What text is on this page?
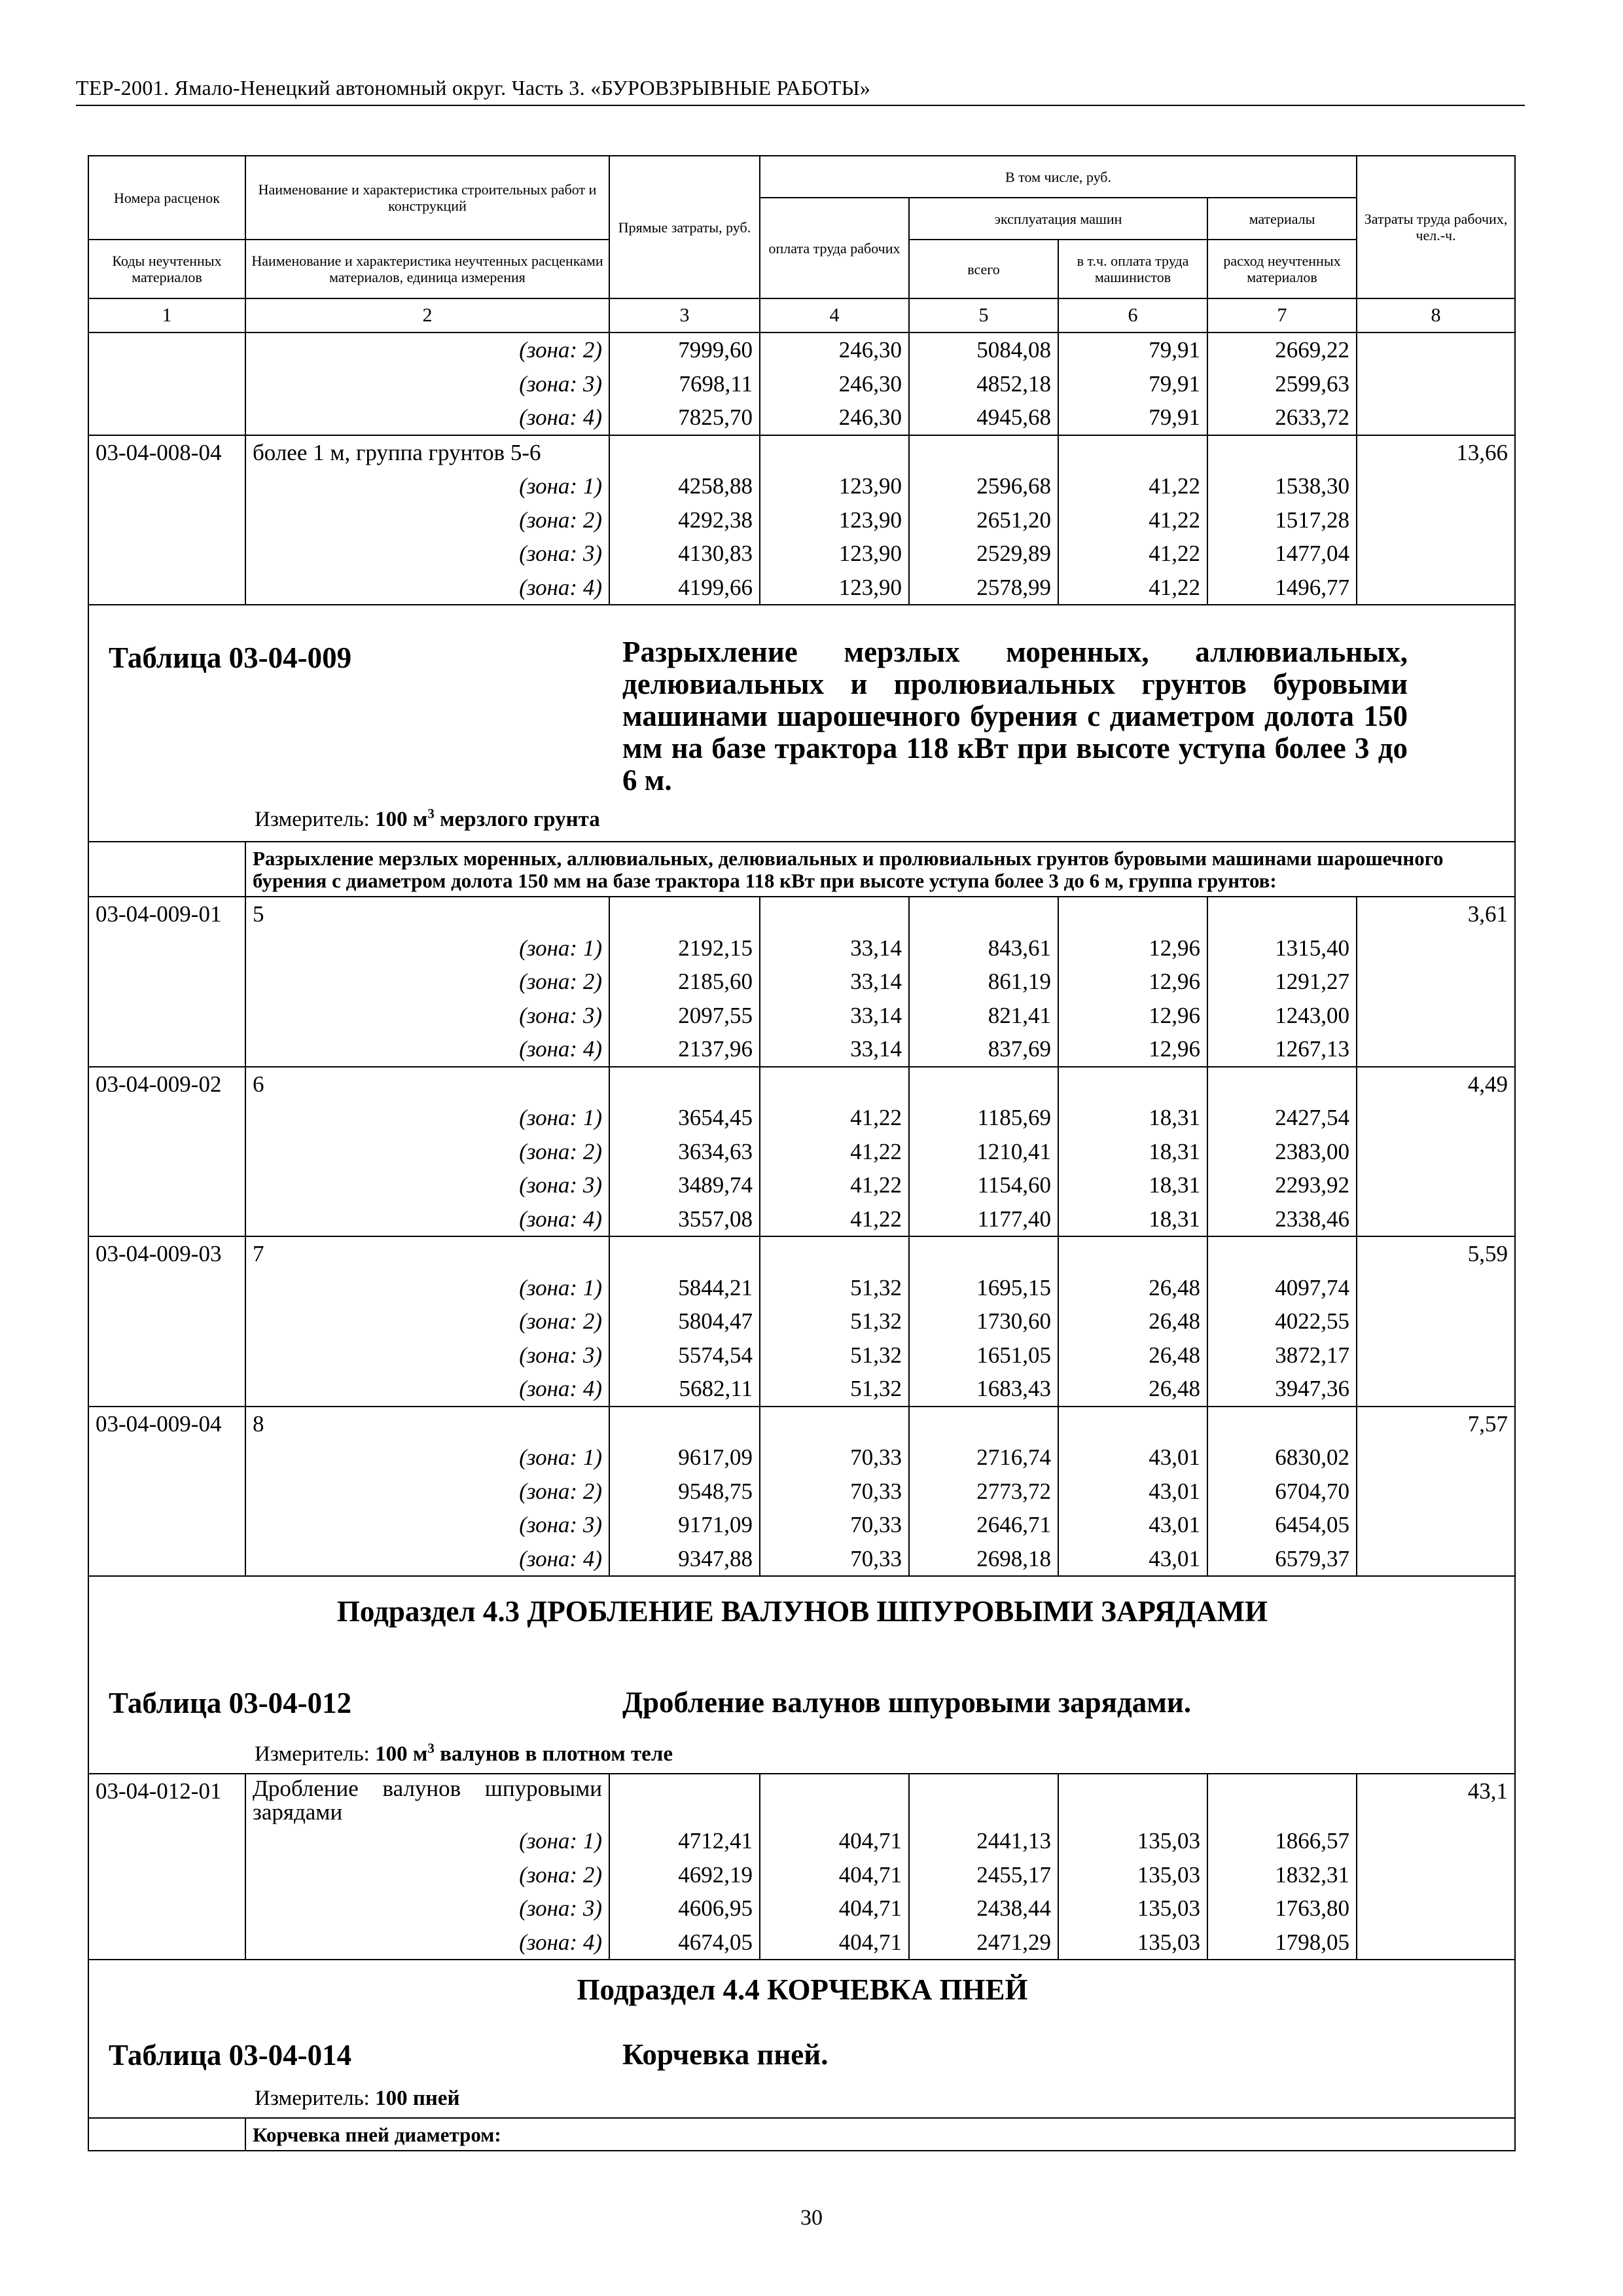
ТЕР-2001. Ямало-Ненецкий автономный округ. Часть 3. «БУРОВЗРЫВНЫЕ РАБОТЫ»
Номера расценок	Наименование и характеристика строительных работ и конструкций	Прямые затраты, руб.	В том числе, руб.				Затраты труда рабочих, чел.-ч.
			оплата труда рабочих	эксплуатация машин		материалы	
Коды неучтенных материалов	Наименование и характеристика неучтенных расценками материалов, единица измерения			всего	в т.ч. оплата труда машинистов	расход неучтенных материалов	
1	2	3	4	5	6	7	8
	(зона: 2)	7999,60	246,30	5084,08	79,91	2669,22	
	(зона: 3)	7698,11	246,30	4852,18	79,91	2599,63	
	(зона: 4)	7825,70	246,30	4945,68	79,91	2633,72	
03-04-008-04	более 1 м, группа грунтов 5-6						13,66
	(зона: 1)	4258,88	123,90	2596,68	41,22	1538,30	
	(зона: 2)	4292,38	123,90	2651,20	41,22	1517,28	
	(зона: 3)	4130,83	123,90	2529,89	41,22	1477,04	
	(зона: 4)	4199,66	123,90	2578,99	41,22	1496,77	

Таблица 03-04-009 Разрыхление мерзлых моренных, аллювиальных, делювиальных и пролювиальных грунтов буровыми машинами шарошечного бурения с диаметром долота 150 мм на базе трактора 118 кВт при высоте уступа более 3 до 6 м.
Измеритель: 100 $м^3$ мерзлого грунта							

	Разрыхление мерзлых моренных, аллювиальных, делювиальных и пролювиальных грунтов буровыми машинами шарошечного бурения с диаметром долота 150 мм на базе трактора 118 кВт при высоте уступа более 3 до 6 м, группа грунтов:						
03-04-009-01	5						3,61
	(зона: 1)	2192,15	33,14	843,61	12,96	1315,40	
	(зона: 2)	2185,60	33,14	861,19	12,96	1291,27	
	(зона: 3)	2097,55	33,14	821,41	12,96	1243,00	
	(зона: 4)	2137,96	33,14	837,69	12,96	1267,13	
03-04-009-02	6						4,49
	(зона: 1)	3654,45	41,22	1185,69	18,31	2427,54	
	(зона: 2)	3634,63	41,22	1210,41	18,31	2383,00	
	(зона: 3)	3489,74	41,22	1154,60	18,31	2293,92	
	(зона: 4)	3557,08	41,22	1177,40	18,31	2338,46	
03-04-009-03	7						5,59
	(зона: 1)	5844,21	51,32	1695,15	26,48	4097,74	
	(зона: 2)	5804,47	51,32	1730,60	26,48	4022,55	
	(зона: 3)	5574,54	51,32	1651,05	26,48	3872,17	
	(зона: 4)	5682,11	51,32	1683,43	26,48	3947,36	
03-04-009-04	8						7,57
	(зона: 1)	9617,09	70,33	2716,74	43,01	6830,02	
	(зона: 2)	9548,75	70,33	2773,72	43,01	6704,70	
	(зона: 3)	9171,09	70,33	2646,71	43,01	6454,05	
	(зона: 4)	9347,88	70,33	2698,18	43,01	6579,37	

Подраздел 4.3 ДРОБЛЕНИЕ ВАЛУНОВ ШПУРОВЫМИ ЗАРЯДАМИ
Таблица 03-04-012 Дробление валунов шпуровыми зарядами.
Измеритель: 100 $м^3$ валунов в плотном теле							

03-04-012-01	Дробление валунов шпуровыми зарядами						43,1
	(зона: 1)	4712,41	404,71	2441,13	135,03	1866,57	
	(зона: 2)	4692,19	404,71	2455,17	135,03	1832,31	
	(зона: 3)	4606,95	404,71	2438,44	135,03	1763,80	
	(зона: 4)	4674,05	404,71	2471,29	135,03	1798,05	

Подраздел 4.4 КОРЧЕВКА ПНЕЙ
Таблица 03-04-014 Корчевка пней.
Измеритель: 100 пней							

	Корчевка пней диаметром:						
30
